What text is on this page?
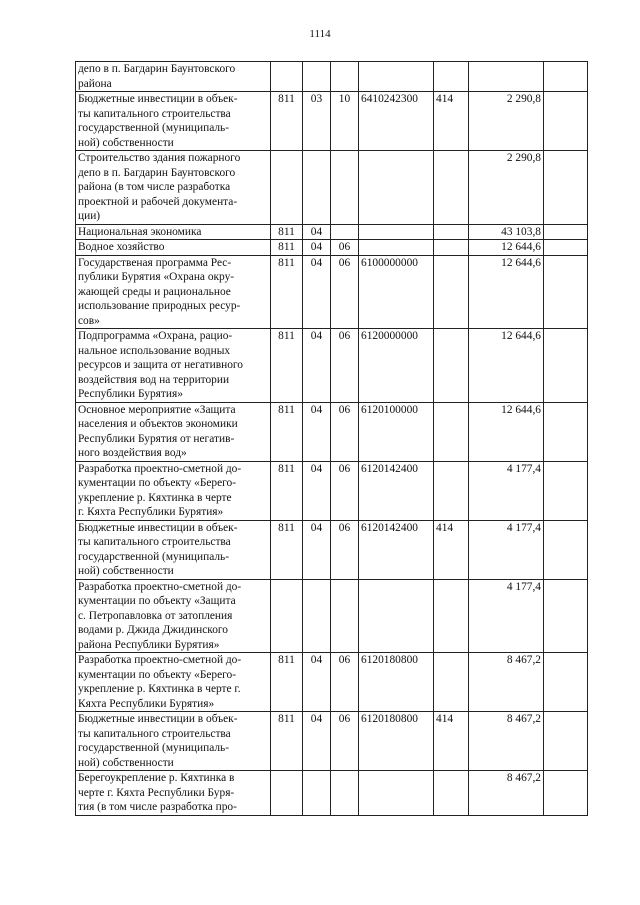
1114
депо в п. Багдарин Баунтовского
района							

Бюджетные инвестиции в объек-
ты капитального строительства
государственной (муниципаль-
ной) собственности	811	03	10	6410242300	414	2 290,8	

Строительство здания пожарного
депо в п. Багдарин Баунтовского
района (в том числе разработка
проектной и рабочей документа-
ции)						2 290,8	

Национальная экономика	811	04				43 103,8	

Водное хозяйство	811	04	06			12 644,6	

Государственая программа Рес-
публики Бурятия «Охрана окру-
жающей среды и рациональное
использование природных ресур-
сов»	811	04	06	6100000000		12 644,6	

Подпрограмма «Охрана, рацио-
нальное использование водных
ресурсов и защита от негативного
воздействия вод на территории
Республики Бурятия»	811	04	06	6120000000		12 644,6	

Основное мероприятие «Защита
населения и объектов экономики
Республики Бурятия от негатив-
ного воздействия вод»	811	04	06	6120100000		12 644,6	

Разработка проектно-сметной до-
кументации по объекту «Берего-
укрепление р. Кяхтинка в черте
г. Кяхта Республики Бурятия»	811	04	06	6120142400		4 177,4	

Бюджетные инвестиции в объек-
ты капитального строительства
государственной (муниципаль-
ной) собственности	811	04	06	6120142400	414	4 177,4	

Разработка проектно-сметной до-
кументации по объекту «Защита
с. Петропавловка от затопления
водами р. Джида Джидинского
района Республики Бурятия»						4 177,4	

Разработка проектно-сметной до-
кументации по объекту «Берего-
укрепление р. Кяхтинка в черте г.
Кяхта Республики Бурятия»	811	04	06	6120180800		8 467,2	

Бюджетные инвестиции в объек-
ты капитального строительства
государственной (муниципаль-
ной) собственности	811	04	06	6120180800	414	8 467,2	

Берегоукрепление р. Кяхтинка в
черте г. Кяхта Республики Буря-
тия (в том числе разработка про-						8 467,2	
